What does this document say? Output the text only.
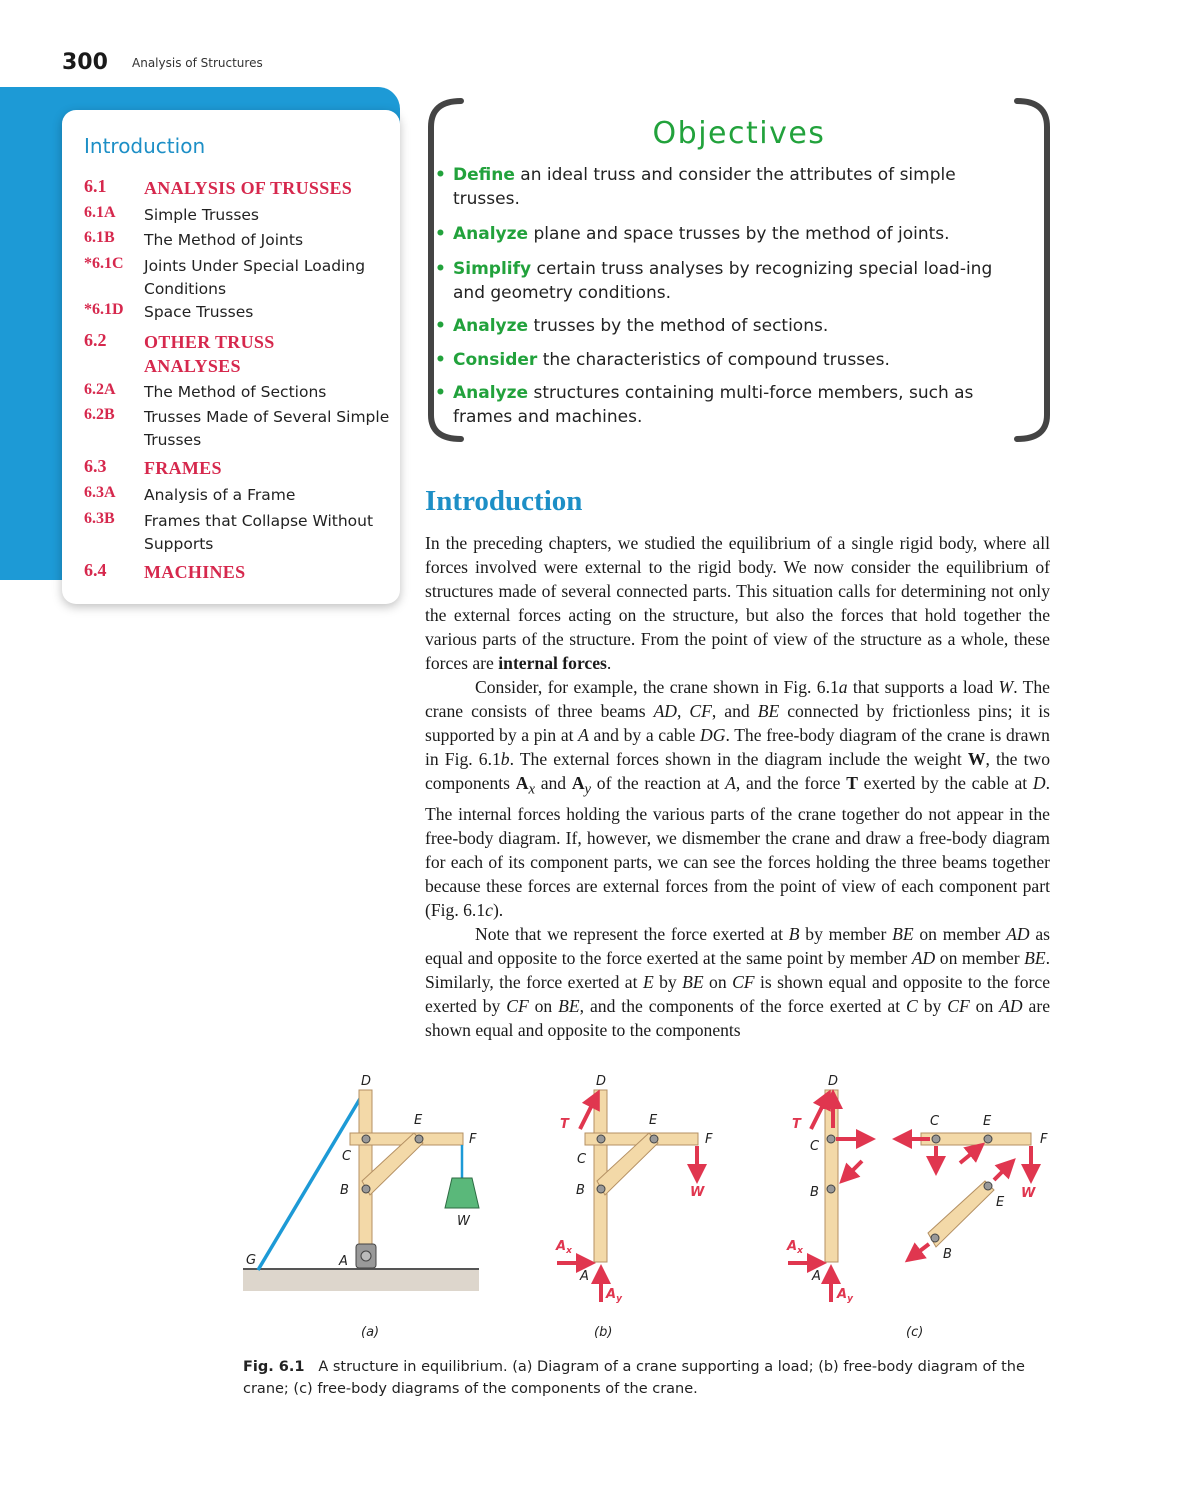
300 Analysis of Structures
Introduction
6.1	ANALYSIS OF TRUSSES
6.1A	Simple Trusses
6.1B	The Method of Joints
*6.1C	Joints Under Special Loading Conditions
*6.1D	Space Trusses
6.2	OTHER TRUSS ANALYSES
6.2A	The Method of Sections
6.2B	Trusses Made of Several Simple Trusses
6.3	FRAMES
6.3A	Analysis of a Frame
6.3B	Frames that Collapse Without Supports
6.4	MACHINES
Objectives
• Define an ideal truss and consider the attributes of simple trusses.
• Analyze plane and space trusses by the method of joints.
• Simplify certain truss analyses by recognizing special load-ing and geometry conditions.
• Analyze trusses by the method of sections.
• Consider the characteristics of compound trusses.
• Analyze structures containing multi-force members, such as frames and machines.
Introduction

In the preceding chapters, we studied the equilibrium of a single rigid body, where all forces involved were external to the rigid body. We now consider the equilibrium of structures made of several connected parts. This situation calls for determining not only the external forces acting on the structure, but also the forces that hold together the various parts of the structure. From the point of view of the structure as a whole, these forces are internal forces.

Consider, for example, the crane shown in Fig. 6.1a that supports a load W. The crane consists of three beams AD, CF, and BE connected by frictionless pins; it is supported by a pin at A and by a cable DG. The free-body diagram of the crane is drawn in Fig. 6.1b. The external forces shown in the diagram include the weight W, the two components $A_x$ and $A_y$ of the reaction at A, and the force T exerted by the cable at D. The internal forces holding the various parts of the crane together do not appear in the free-body diagram. If, however, we dismember the crane and draw a free-body diagram for each of its component parts, we can see the forces holding the three beams together because these forces are external forces from the point of view of each component part (Fig. 6.1c).

Note that we represent the force exerted at B by member BE on member AD as equal and opposite to the force exerted at the same point by member AD on member BE. Similarly, the force exerted at E by BE on CF is shown equal and opposite to the force exerted by CF on BE, and the components of the force exerted at C by CF on AD are shown equal and opposite to the components

D
E
F
C
B
W
G	A
(a)
D
E
F
C
B
T
W
$A_x$
A
$A_y$
(b)
D
T
C
B
$A_x$
A
$A_y$
C	E
F
W
E
B
(c)
Fig. 6.1 A structure in equilibrium. (a) Diagram of a crane supporting a load; (b) free-body diagram of the crane; (c) free-body diagrams of the components of the crane.
